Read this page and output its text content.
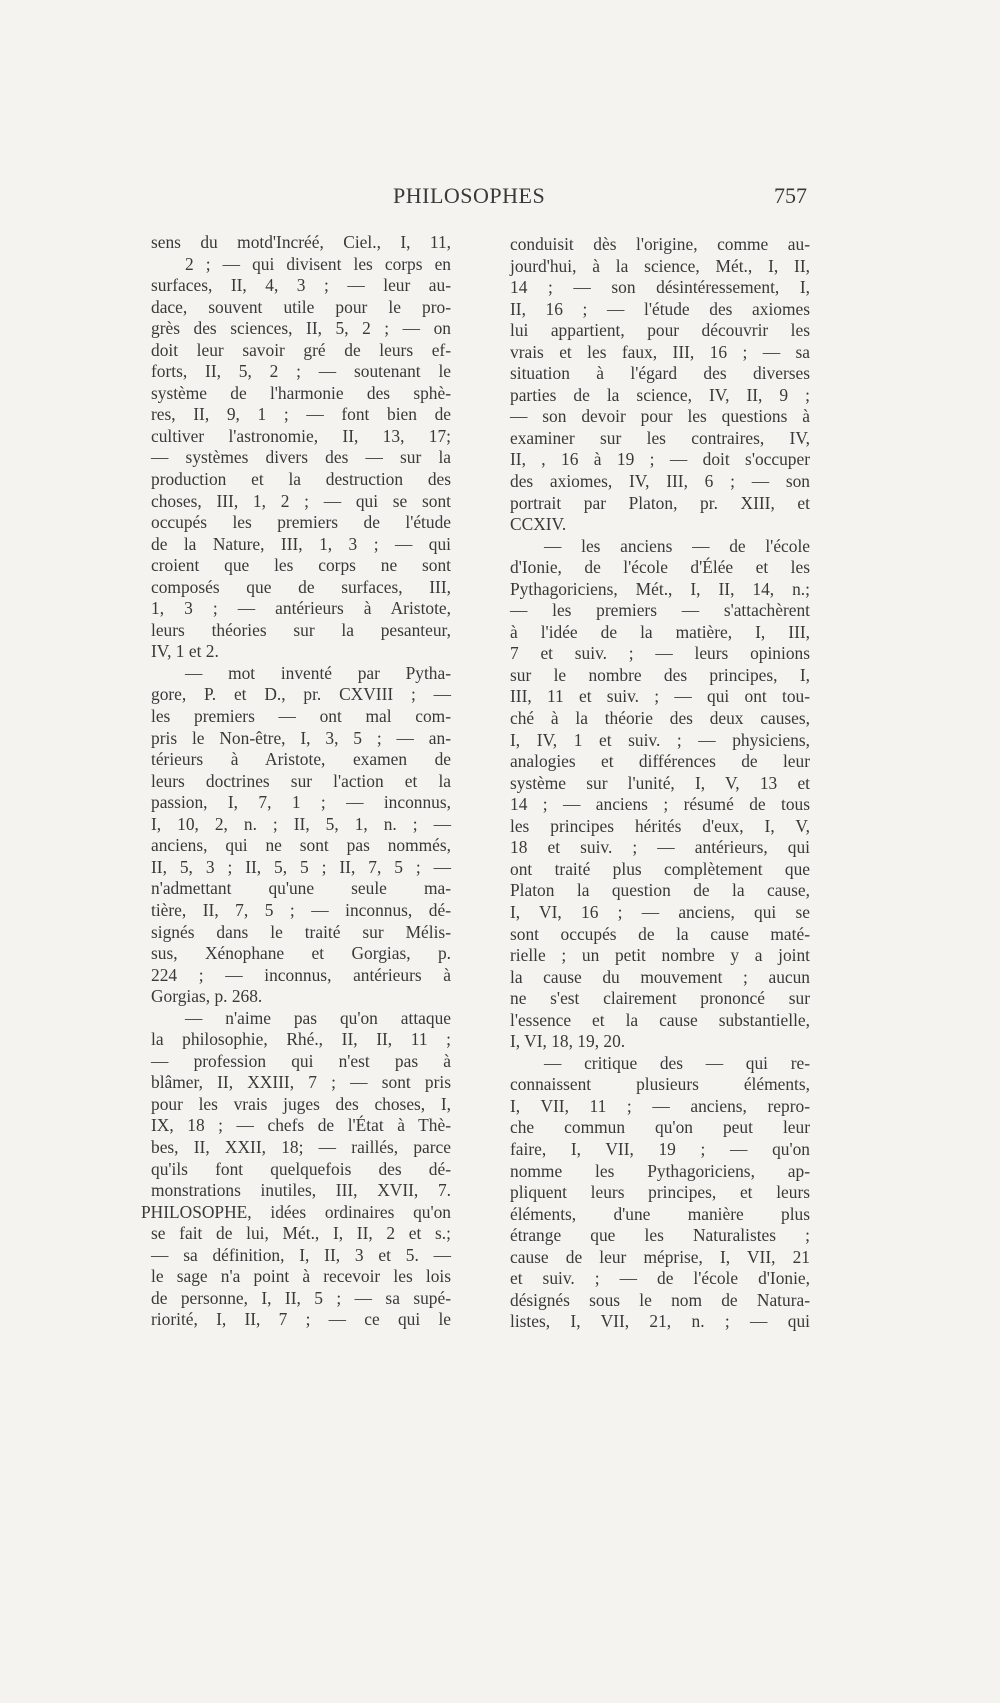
PHILOSOPHES	757
sens du motd'Incréé, Ciel., I, 11,
2 ; — qui divisent les corps en
surfaces, II, 4, 3 ; — leur au-
dace, souvent utile pour le pro-
grès des sciences, II, 5, 2 ; — on
doit leur savoir gré de leurs ef-
forts, II, 5, 2 ; — soutenant le
système de l'harmonie des sphè-
res, II, 9, 1 ; — font bien de
cultiver l'astronomie, II, 13, 17;
— systèmes divers des — sur la
production et la destruction des
choses, III, 1, 2 ; — qui se sont
occupés les premiers de l'étude
de la Nature, III, 1, 3 ; — qui
croient que les corps ne sont
composés que de surfaces, III,
1, 3 ; — antérieurs à Aristote,
leurs théories sur la pesanteur,
IV, 1 et 2.
— mot inventé par Pytha-
gore, P. et D., pr. CXVIII ; —
les premiers — ont mal com-
pris le Non-être, I, 3, 5 ; — an-
térieurs à Aristote, examen de
leurs doctrines sur l'action et la
passion, I, 7, 1 ; — inconnus,
I, 10, 2, n. ; II, 5, 1, n. ; —
anciens, qui ne sont pas nommés,
II, 5, 3 ; II, 5, 5 ; II, 7, 5 ; —
n'admettant qu'une seule ma-
tière, II, 7, 5 ; — inconnus, dé-
signés dans le traité sur Mélis-
sus, Xénophane et Gorgias, p.
224 ; — inconnus, antérieurs à
Gorgias, p. 268.
— n'aime pas qu'on attaque
la philosophie, Rhé., II, II, 11 ;
— profession qui n'est pas à
blâmer, II, XXIII, 7 ; — sont pris
pour les vrais juges des choses, I,
IX, 18 ; — chefs de l'État à Thè-
bes, II, XXII, 18; — raillés, parce
qu'ils font quelquefois des dé-
monstrations inutiles, III, XVII, 7.
PHILOSOPHE, idées ordinaires qu'on
se fait de lui, Mét., I, II, 2 et s.;
— sa définition, I, II, 3 et 5. —
le sage n'a point à recevoir les lois
de personne, I, II, 5 ; — sa supé-
riorité, I, II, 7 ; — ce qui le
conduisit dès l'origine, comme au-
jourd'hui, à la science, Mét., I, II,
14 ; — son désintéressement, I,
II, 16 ; — l'étude des axiomes
lui appartient, pour découvrir les
vrais et les faux, III, 16 ; — sa
situation à l'égard des diverses
parties de la science, IV, II, 9 ;
— son devoir pour les questions à
examiner sur les contraires, IV,
II, , 16 à 19 ; — doit s'occuper
des axiomes, IV, III, 6 ; — son
portrait par Platon, pr. XIII, et
CCXIV.
— les anciens — de l'école
d'Ionie, de l'école d'Élée et les
Pythagoriciens, Mét., I, II, 14, n.;
— les premiers — s'attachèrent
à l'idée de la matière, I, III,
7 et suiv. ; — leurs opinions
sur le nombre des principes, I,
III, 11 et suiv. ; — qui ont tou-
ché à la théorie des deux causes,
I, IV, 1 et suiv. ; — physiciens,
analogies et différences de leur
système sur l'unité, I, V, 13 et
14 ; — anciens ; résumé de tous
les principes hérités d'eux, I, V,
18 et suiv. ; — antérieurs, qui
ont traité plus complètement que
Platon la question de la cause,
I, VI, 16 ; — anciens, qui se
sont occupés de la cause maté-
rielle ; un petit nombre y a joint
la cause du mouvement ; aucun
ne s'est clairement prononcé sur
l'essence et la cause substantielle,
I, VI, 18, 19, 20.
— critique des — qui re-
connaissent plusieurs éléments,
I, VII, 11 ; — anciens, repro-
che commun qu'on peut leur
faire, I, VII, 19 ; — qu'on
nomme les Pythagoriciens, ap-
pliquent leurs principes, et leurs
éléments, d'une manière plus
étrange que les Naturalistes ;
cause de leur méprise, I, VII, 21
et suiv. ; — de l'école d'Ionie,
désignés sous le nom de Natura-
listes, I, VII, 21, n. ; — qui
